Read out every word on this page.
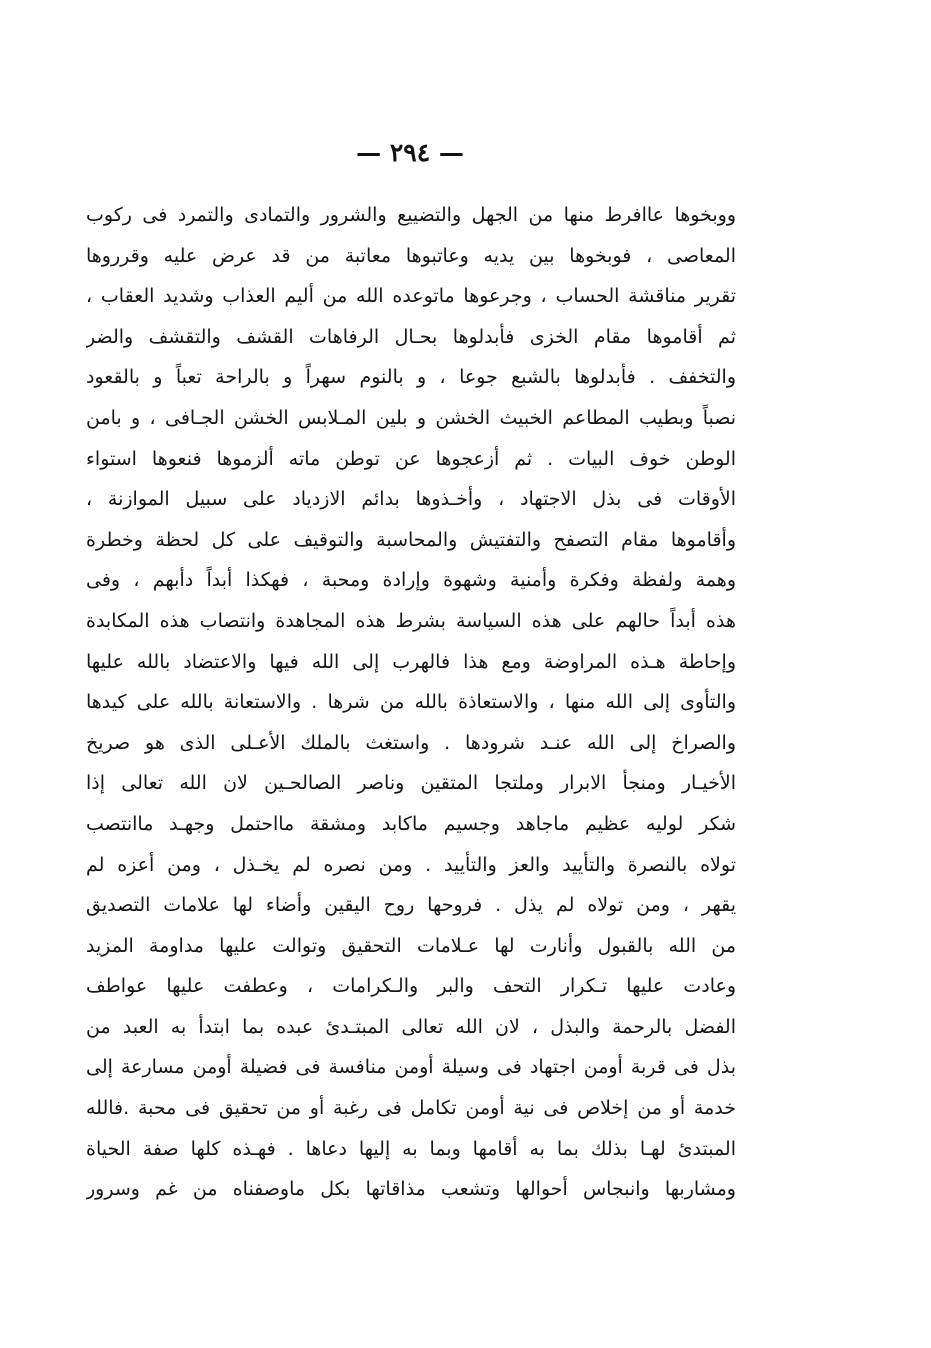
— ٢٩٤ —
ووبخوها عاافرط منها من الجهل والتضييع والشرور والتمادى والتمرد فى ركوب
المعاصى ، فوبخوها بين يديه وعاتبوها معاتبة من قد عرض عليه وقرروها
تقرير مناقشة الحساب ، وجرعوها ماتوعده الله من أليم العذاب وشديد العقاب ،
ثم أقاموها مقام الخزى فأبدلوها بحـال الرفاهات القشف والتقشف والضر
والتخفف . فأبدلوها بالشبع جوعا ، و بالنوم سهراً و بالراحة تعباً و بالقعود
نصباً وبطيب المطاعم الخبيث الخشن و بلين المـلابس الخشن الجـافى ، و بامن
الوطن خوف البيات . ثم أزعجوها عن توطن ماته ألزموها فنعوها استواء
الأوقات فى بذل الاجتهاد ، وأخـذوها بدائم الازدياد على سبيل الموازنة ،
وأقاموها مقام التصفح والتفتيش والمحاسبة والتوقيف على كل لحظة وخطرة
وهمة ولفظة وفكرة وأمنية وشهوة وإرادة ومحبة ، فهكذا أبداً دأبهم ، وفى
هذه أبداً حالهم على هذه السياسة بشرط هذه المجاهدة وانتصاب هذه المكابدة
وإحاطة هـذه المراوضة ومع هذا فالهرب إلى الله فيها والاعتضاد بالله عليها
والتأوى إلى الله منها ، والاستعاذة بالله من شرها . والاستعانة بالله على كيدها
والصراخ إلى الله عنـد شرودها . واستغث بالملك الأعـلى الذى هو صريخ
الأخيـار ومنجأ الابرار وملتجا المتقين وناصر الصالحـين لان الله تعالى إذا
شكر لوليه عظيم ماجاهد وجسيم ماكابد ومشقة مااحتمل وجهـد ماانتصب
تولاه بالنصرة والتأييد والعز والتأييد . ومن نصره لم يخـذل ، ومن أعزه لم
يقهر ، ومن تولاه لم يذل . فروحها روح اليقين وأضاء لها علامات التصديق
من الله بالقبول وأنارت لها عـلامات التحقيق وتوالت عليها مداومة المزيد
وعادت عليها تـكرار التحف والبر والـكرامات ، وعطفت عليها عواطف
الفضل بالرحمة والبذل ، لان الله تعالى المبتـدئ عبده بما ابتدأ به العبد من
بذل فى قربة أومن اجتهاد فى وسيلة أومن منافسة فى فضيلة أومن مسارعة إلى
خدمة أو من إخلاص فى نية أومن تكامل فى رغبة أو من تحقيق فى محبة .فالله
المبتدئ لهـا بذلك بما به أقامها وبما به إليها دعاها . فهـذه كلها صفة الحياة
ومشاربها وانبجاس أحوالها وتشعب مذاقاتها بكل ماوصفناه من غم وسرور
